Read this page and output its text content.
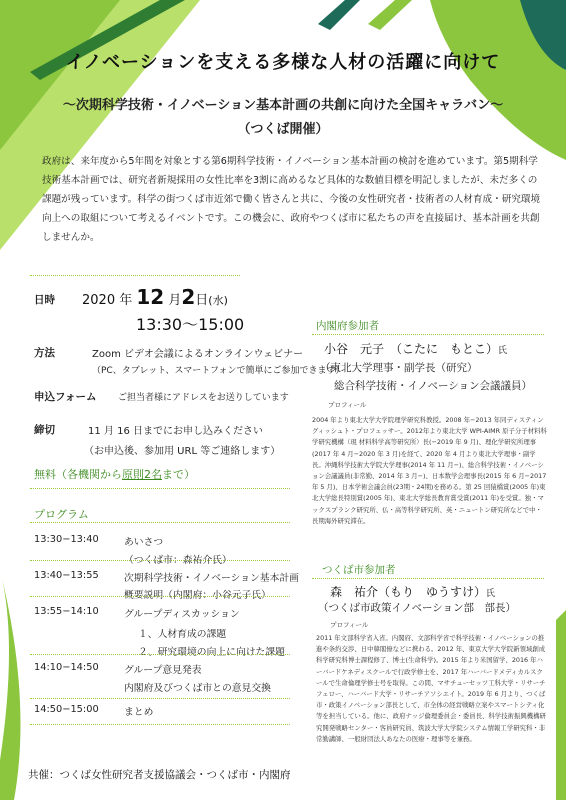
イノベーションを支える多様な人材の活躍に向けて
～次期科学技術・イノベーション基本計画の共創に向けた全国キャラバン～
（つくば開催）
政府は、来年度から5年間を対象とする第6期科学技術・イノベーション基本計画の検討を進めています。第5期科学技術基本計画では、研究者新規採用の女性比率を3割に高めるなど具体的な数値目標を明記しましたが、未だ多くの課題が残っています。科学の街つくば市近郊で働く皆さんと共に、今後の女性研究者・技術者の人材育成・研究環境向上への取組について考えるイベントです。この機会に、政府やつくば市に私たちの声を直接届け、基本計画を共創しませんか。
日時 2020 年 12 月2日(水)
13:30～15:00
方法	Zoom ビデオ会議によるオンラインウェビナー
（PC、タブレット、スマートフォンで簡単にご参加できます）
申込フォーム ご担当者様にアドレスをお送りしています
締切	11 月 16 日までにお申し込みください
（お申込後、参加用 URL 等ご連絡します）
無料（各機関から原則2名まで）
プログラム
13:30−13:40	あいさつ
（つくば市：森祐介氏）
13:40−13:55	次期科学技術・イノベーション基本計画
概要説明（内閣府：小谷元子氏）
13:55−14:10	グループディスカッション
１、人材育成の課題
２、研究環境の向上に向けた課題
14:10−14:50	グループ意見発表
内閣府及びつくば市との意見交換
14:50−15:00	まとめ
内閣府参加者
小谷　元子　（こたに　もとこ）氏
（東北大学理事・副学長（研究）
総合科学技術・イノベーション会議議員）
プロフィール
2004 年より東北大学大学院理学研究科教授。2008 年−2013 年同ディスティングィッシュト・プロフェッサー。2012年より東北大学 WPI-AIMR 原子分子材料科学研究機構（現 材料科学高等研究所）長(−2019 年 9 月)、理化学研究所理事(2017 年 4 月−2020 年 3 月)を経て、2020 年 4 月より東北大学理事・副学長。沖縄科学技術大学院大学理事(2014 年 11 月−)、総合科学技術・イノベーション会議議員(非常勤、2014 年 3 月−)、日本数学会理事長(2015 年 6 月−2017 年 5 月)、日本学術会議会員(23期・24期)を務める。第 25 回猿橋賞(2005 年)東北大学総長特別賞(2005 年)、東北大学総長教育賞受賞(2011 年)を受賞。独・マックスプランク研究所、仏・高等科学研究所、英・ニュートン研究所などで中・長期海外研究滞在。
つくば市参加者
森　祐介（もり　ゆうすけ）氏
（つくば市政策イノベーション部　部長）
プロフィール
2011 年文部科学省入省。内閣府、文部科学省で科学技術・イノベーションの推進や条約交渉、日中韓閣僚などに携わる。2012 年、東京大学大学院新領域創成科学研究科博士課程修了、博士(生命科学)。2015 年より米国留学、2016 年ハーバードケネディスクールで行政学修士を、2017 年ハーバードメディカルスクールで生命倫理学修士号を取得。この間、マサチューセッツ工科大学・リサーチフェロー、ハーバード大学・リサーチアソシエイト。2019 年 6 月より、つくば市・政策イノベーション部長として、市全体の経営戦略立案やスマートシティ化等を担当している。他に、政府ナッジ倫理委員会・委員長、科学技術振興機構研究開発戦略センター・客員研究員、筑波大学大学院システム情報工学研究科・非常勤講師、一般財団法人あなたの医療・理事等を兼務。
共催：つくば女性研究者支援協議会・つくば市・内閣府
